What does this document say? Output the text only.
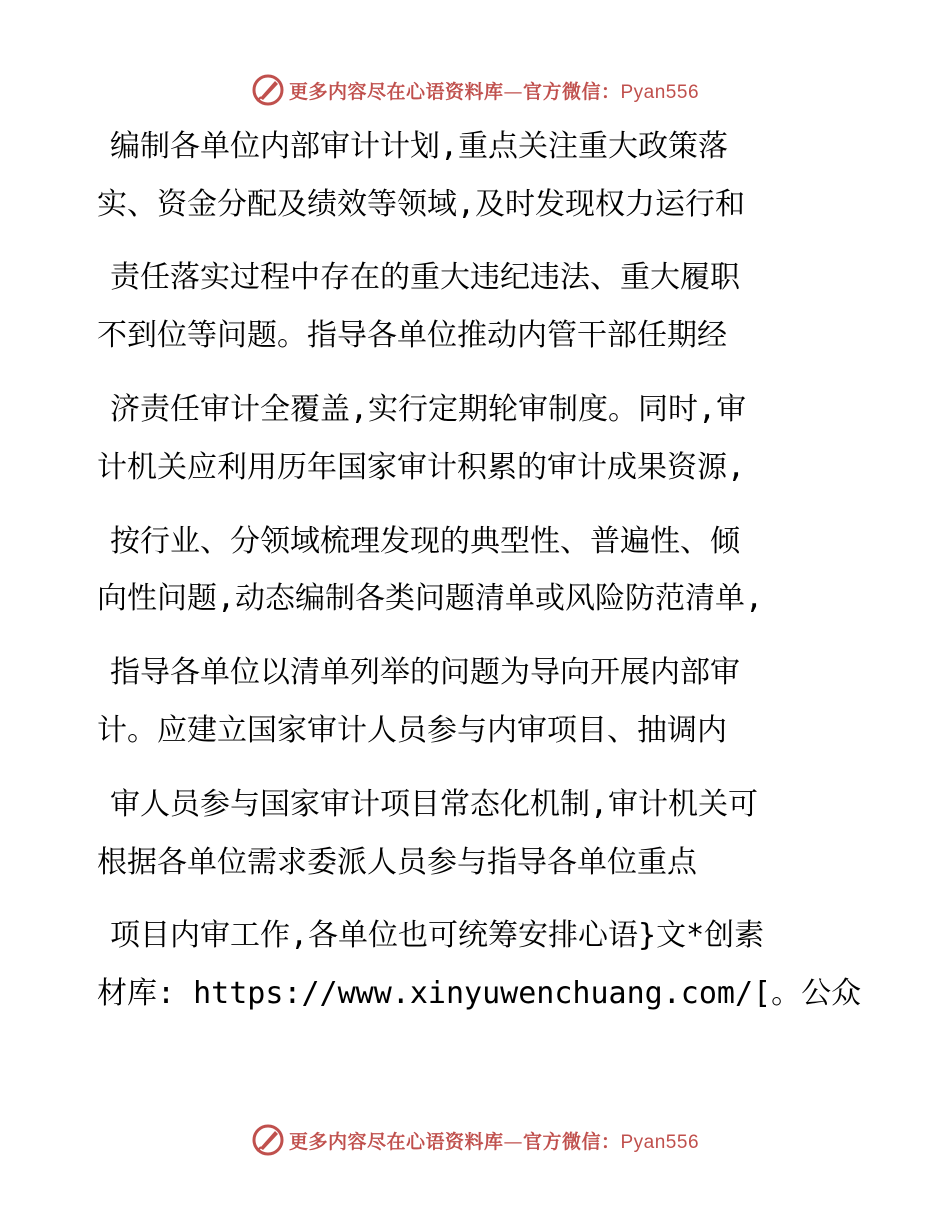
更多内容尽在心语资料库—官方微信：Pyan556
编制各单位内部审计计划,重点关注重大政策落
实、资金分配及绩效等领域,及时发现权力运行和
责任落实过程中存在的重大违纪违法、重大履职
不到位等问题。指导各单位推动内管干部任期经
济责任审计全覆盖,实行定期轮审制度。同时,审
计机关应利用历年国家审计积累的审计成果资源,
按行业、分领域梳理发现的典型性、普遍性、倾
向性问题,动态编制各类问题清单或风险防范清单,
指导各单位以清单列举的问题为导向开展内部审
计。应建立国家审计人员参与内审项目、抽调内
审人员参与国家审计项目常态化机制,审计机关可
根据各单位需求委派人员参与指导各单位重点
项目内审工作,各单位也可统筹安排心语}文*创素
材库: https://www.xinyuwenchuang.com/[。公众
更多内容尽在心语资料库—官方微信：Pyan556
